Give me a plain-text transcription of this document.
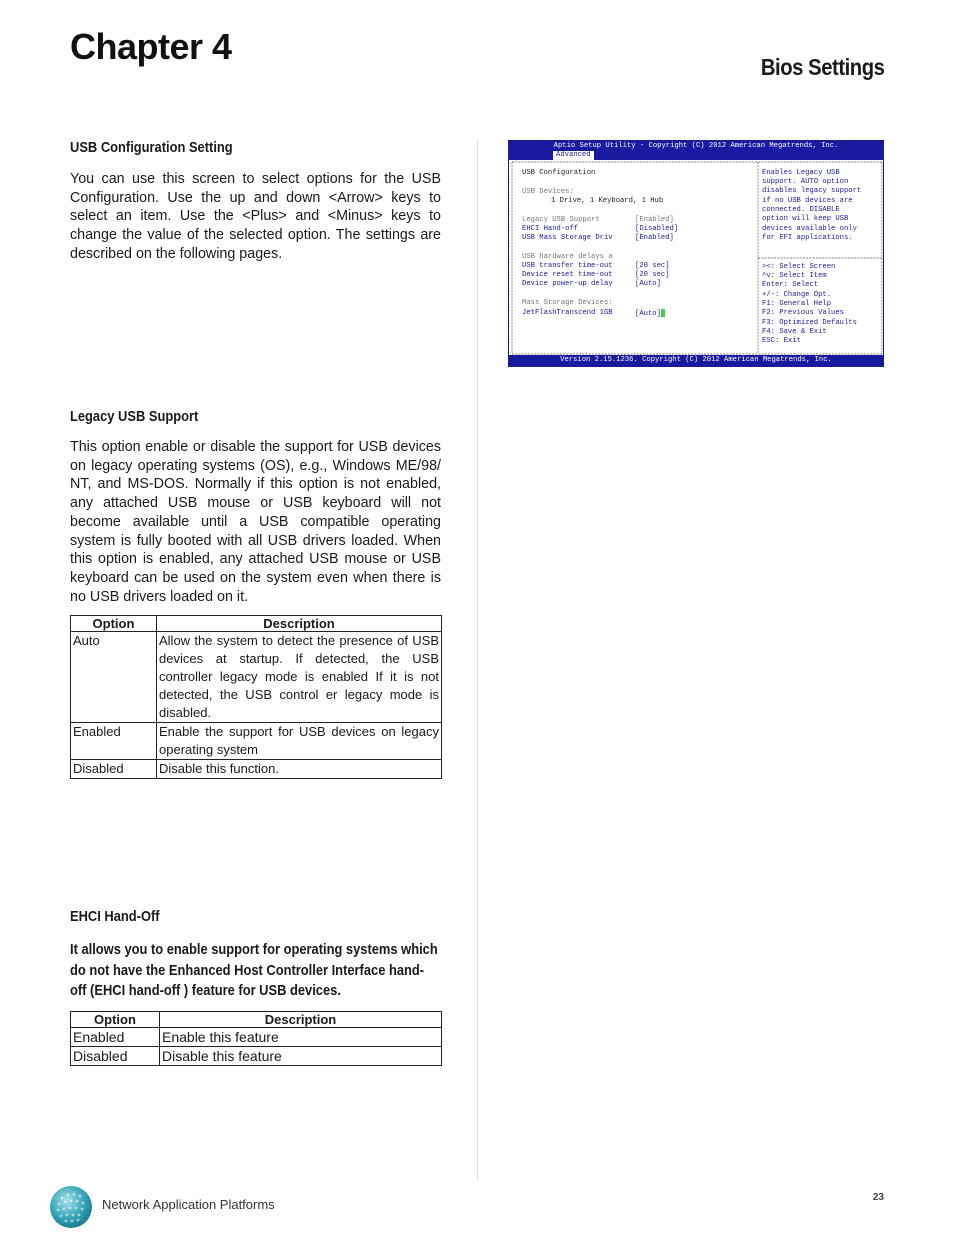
Chapter 4	Bios Settings
USB Configuration Setting
You can use this screen to select options for the USB Configuration. Use the up and down <Arrow> keys to select an item. Use the <Plus> and <Minus> keys to change the value of the selected option. The settings are described on the following pages.
Legacy USB Support
This option enable or disable the support for USB devices on legacy operating systems (OS), e.g., Windows ME/98/ NT, and MS-DOS. Normally if this option is not enabled, any attached USB mouse or USB keyboard will not become available until a USB compatible operating system is fully booted with all USB drivers loaded. When this option is enabled, any attached USB mouse or USB keyboard can be used on the system even when there is no USB drivers loaded on it.
Option	Description
Auto	Allow the system to detect the presence of USB devices at startup. If detected, the USB controller legacy mode is enabled If it is not detected, the USB control er legacy mode is disabled.
Enabled	Enable the support for USB devices on legacy operating system
Disabled	Disable this function.
EHCI Hand-Off
It allows you to enable support for operating systems which do not have the Enhanced Host Controller Interface hand-off (EHCI hand-off ) feature for USB devices.
Option	Description
Enabled	Enable this feature
Disabled	Disable this feature
Aptio Setup Utility - Copyright (C) 2012 American Megatrends, Inc.
Advanced
USB Configuration
USB Devices:
1 Drive, 1 Keyboard, 1 Hub
Legacy USB Support	[Enabled]
EHCI Hand-off	[Disabled]
USB Mass Storage Driv	[Enabled]
USB hardware delays a
USB transfer time-out	[20 sec]
Device reset time-out	[20 sec]
Device power-up delay	[Auto]
Mass Storage Devices:
JetFlashTranscend 1GB	[Auto]
Enables Legacy USB
support. AUTO option
disables legacy support
if no USB devices are
connected. DISABLE
option will keep USB
devices available only
for EFI applications.
><: Select Screen
^v: Select Item
Enter: Select
+/-: Change Opt.
F1: General Help
F2: Previous Values
F3: Optimized Defaults
F4: Save & Exit
ESC: Exit
Version 2.15.1236. Copyright (C) 2012 American Megatrends, Inc.
Network Application Platforms	23
